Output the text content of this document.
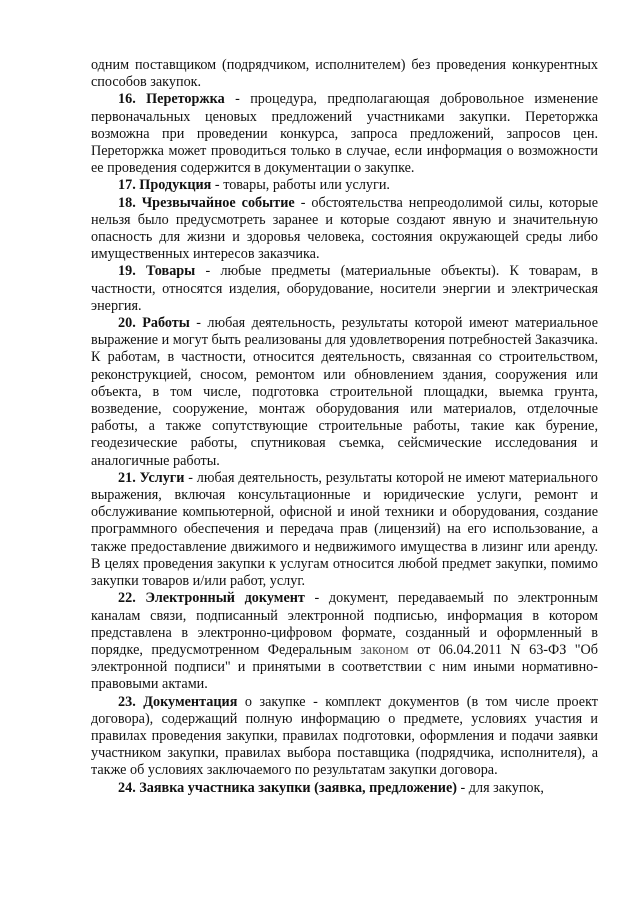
одним поставщиком (подрядчиком, исполнителем) без проведения конкурентных способов закупок.

16. Переторжка - процедура, предполагающая добровольное изменение первоначальных ценовых предложений участниками закупки. Переторжка возможна при проведении конкурса, запроса предложений, запросов цен. Переторжка может проводиться только в случае, если информация о возможности ее проведения содержится в документации о закупке.

17. Продукция - товары, работы или услуги.

18. Чрезвычайное событие - обстоятельства непреодолимой силы, которые нельзя было предусмотреть заранее и которые создают явную и значительную опасность для жизни и здоровья человека, состояния окружающей среды либо имущественных интересов заказчика.

19. Товары - любые предметы (материальные объекты). К товарам, в частности, относятся изделия, оборудование, носители энергии и электрическая энергия.

20. Работы - любая деятельность, результаты которой имеют материальное выражение и могут быть реализованы для удовлетворения потребностей Заказчика. К работам, в частности, относится деятельность, связанная со строительством, реконструкцией, сносом, ремонтом или обновлением здания, сооружения или объекта, в том числе, подготовка строительной площадки, выемка грунта, возведение, сооружение, монтаж оборудования или материалов, отделочные работы, а также сопутствующие строительные работы, такие как бурение, геодезические работы, спутниковая съемка, сейсмические исследования и аналогичные работы.

21. Услуги - любая деятельность, результаты которой не имеют материального выражения, включая консультационные и юридические услуги, ремонт и обслуживание компьютерной, офисной и иной техники и оборудования, создание программного обеспечения и передача прав (лицензий) на его использование, а также предоставление движимого и недвижимого имущества в лизинг или аренду. В целях проведения закупки к услугам относится любой предмет закупки, помимо закупки товаров и/или работ, услуг.

22. Электронный документ - документ, передаваемый по электронным каналам связи, подписанный электронной подписью, информация в котором представлена в электронно-цифровом формате, созданный и оформленный в порядке, предусмотренном Федеральным законом от 06.04.2011 N 63-ФЗ "Об электронной подписи" и принятыми в соответствии с ним иными нормативно-правовыми актами.

23. Документация о закупке - комплект документов (в том числе проект договора), содержащий полную информацию о предмете, условиях участия и правилах проведения закупки, правилах подготовки, оформления и подачи заявки участником закупки, правилах выбора поставщика (подрядчика, исполнителя), а также об условиях заключаемого по результатам закупки договора.

24. Заявка участника закупки (заявка, предложение) - для закупок,
